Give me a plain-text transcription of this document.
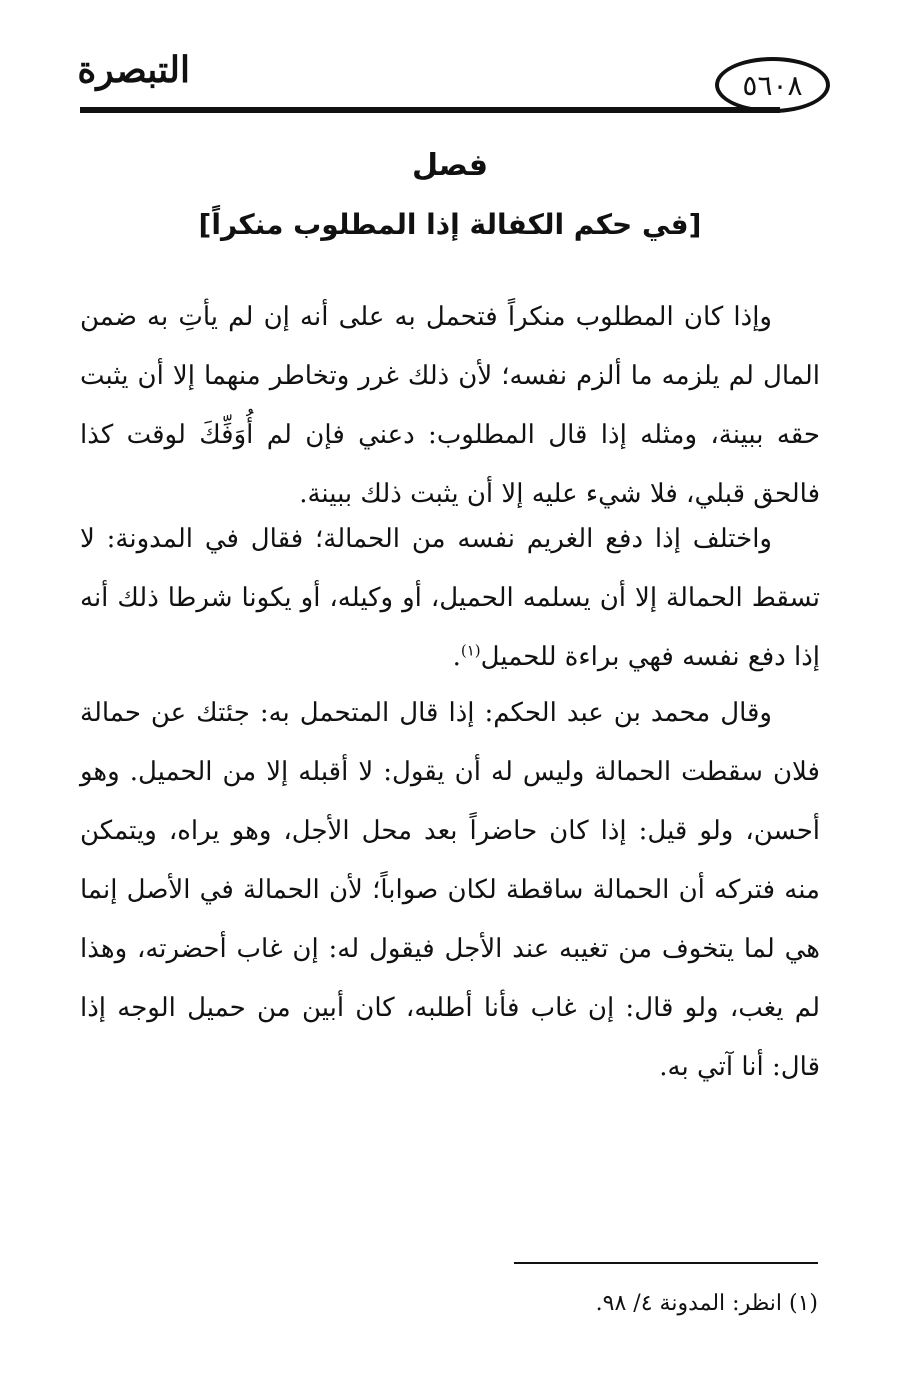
التبصرة	٥٦٠٨
فصل
[في حكم الكفالة إذا المطلوب منكراً]

وإذا كان المطلوب منكراً فتحمل به على أنه إن لم يأتِ به ضمن المال لم يلزمه ما ألزم نفسه؛ لأن ذلك غرر وتخاطر منهما إلا أن يثبت حقه ببينة، ومثله إذا قال المطلوب: دعني فإن لم أُوَفِّكَ لوقت كذا فالحق قبلي، فلا شيء عليه إلا أن يثبت ذلك ببينة.

واختلف إذا دفع الغريم نفسه من الحمالة؛ فقال في المدونة: لا تسقط الحمالة إلا أن يسلمه الحميل، أو وكيله، أو يكونا شرطا ذلك أنه إذا دفع نفسه فهي براءة للحميل$^{(١)}$.

وقال محمد بن عبد الحكم: إذا قال المتحمل به: جئتك عن حمالة فلان سقطت الحمالة وليس له أن يقول: لا أقبله إلا من الحميل. وهو أحسن، ولو قيل: إذا كان حاضراً بعد محل الأجل، وهو يراه، ويتمكن منه فتركه أن الحمالة ساقطة لكان صواباً؛ لأن الحمالة في الأصل إنما هي لما يتخوف من تغيبه عند الأجل فيقول له: إن غاب أحضرته، وهذا لم يغب، ولو قال: إن غاب فأنا أطلبه، كان أبين من حميل الوجه إذا قال: أنا آتي به.

(١) انظر: المدونة ٤/ ٩٨.
